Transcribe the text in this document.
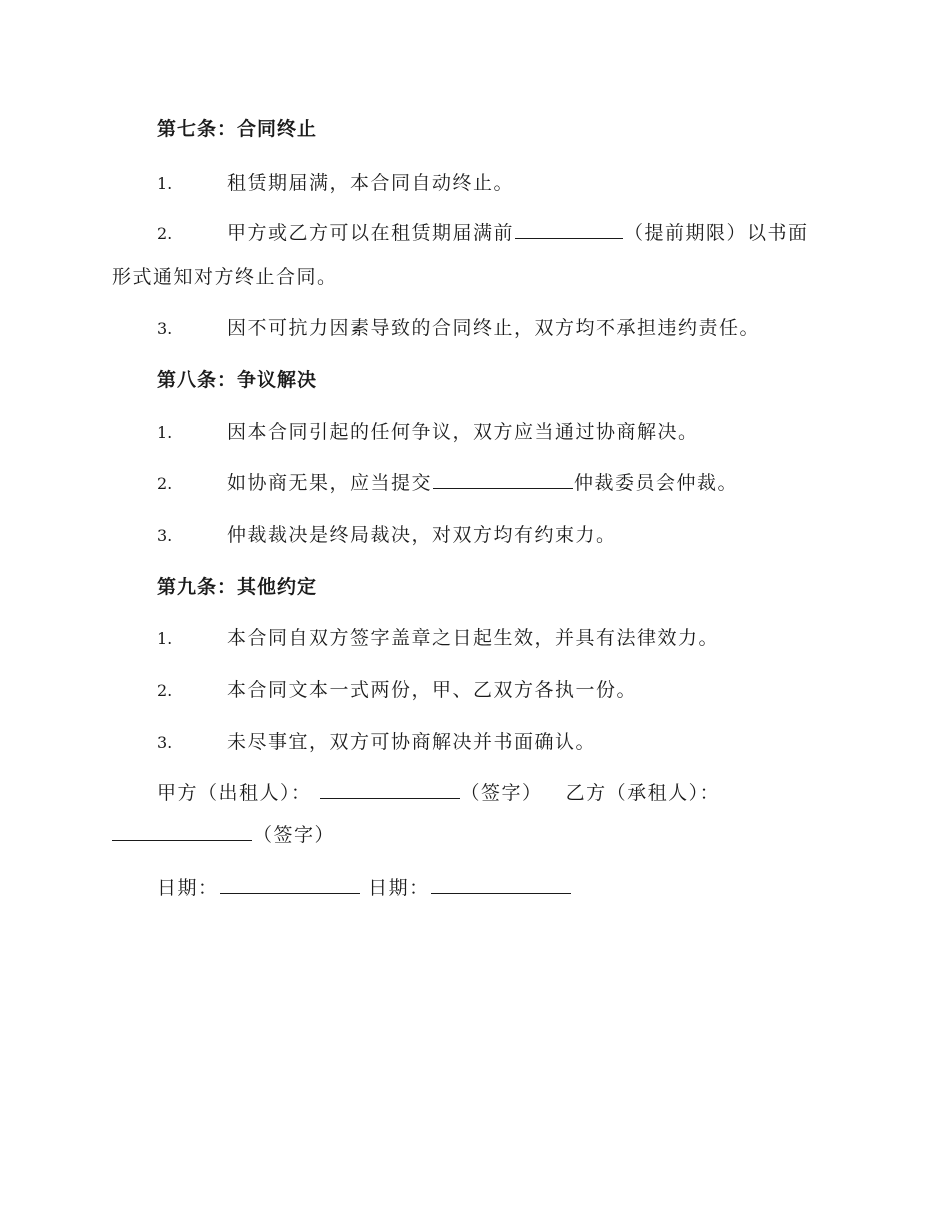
第七条：合同终止
1.	租赁期届满，本合同自动终止。
2.	甲方或乙方可以在租赁期届满前	（提前期限）以书面
形式通知对方终止合同。
3.	因不可抗力因素导致的合同终止，双方均不承担违约责任。
第八条：争议解决
1.	因本合同引起的任何争议，双方应当通过协商解决。
2.	如协商无果，应当提交	仲裁委员会仲裁。
3.	仲裁裁决是终局裁决，对双方均有约束力。
第九条：其他约定
1.	本合同自双方签字盖章之日起生效，并具有法律效力。
2.	本合同文本一式两份，甲、乙双方各执一份。
3.	未尽事宜，双方可协商解决并书面确认。
甲方（出租人）：	（签字） 乙方（承租人）：
（签字）
日期：	日期：
